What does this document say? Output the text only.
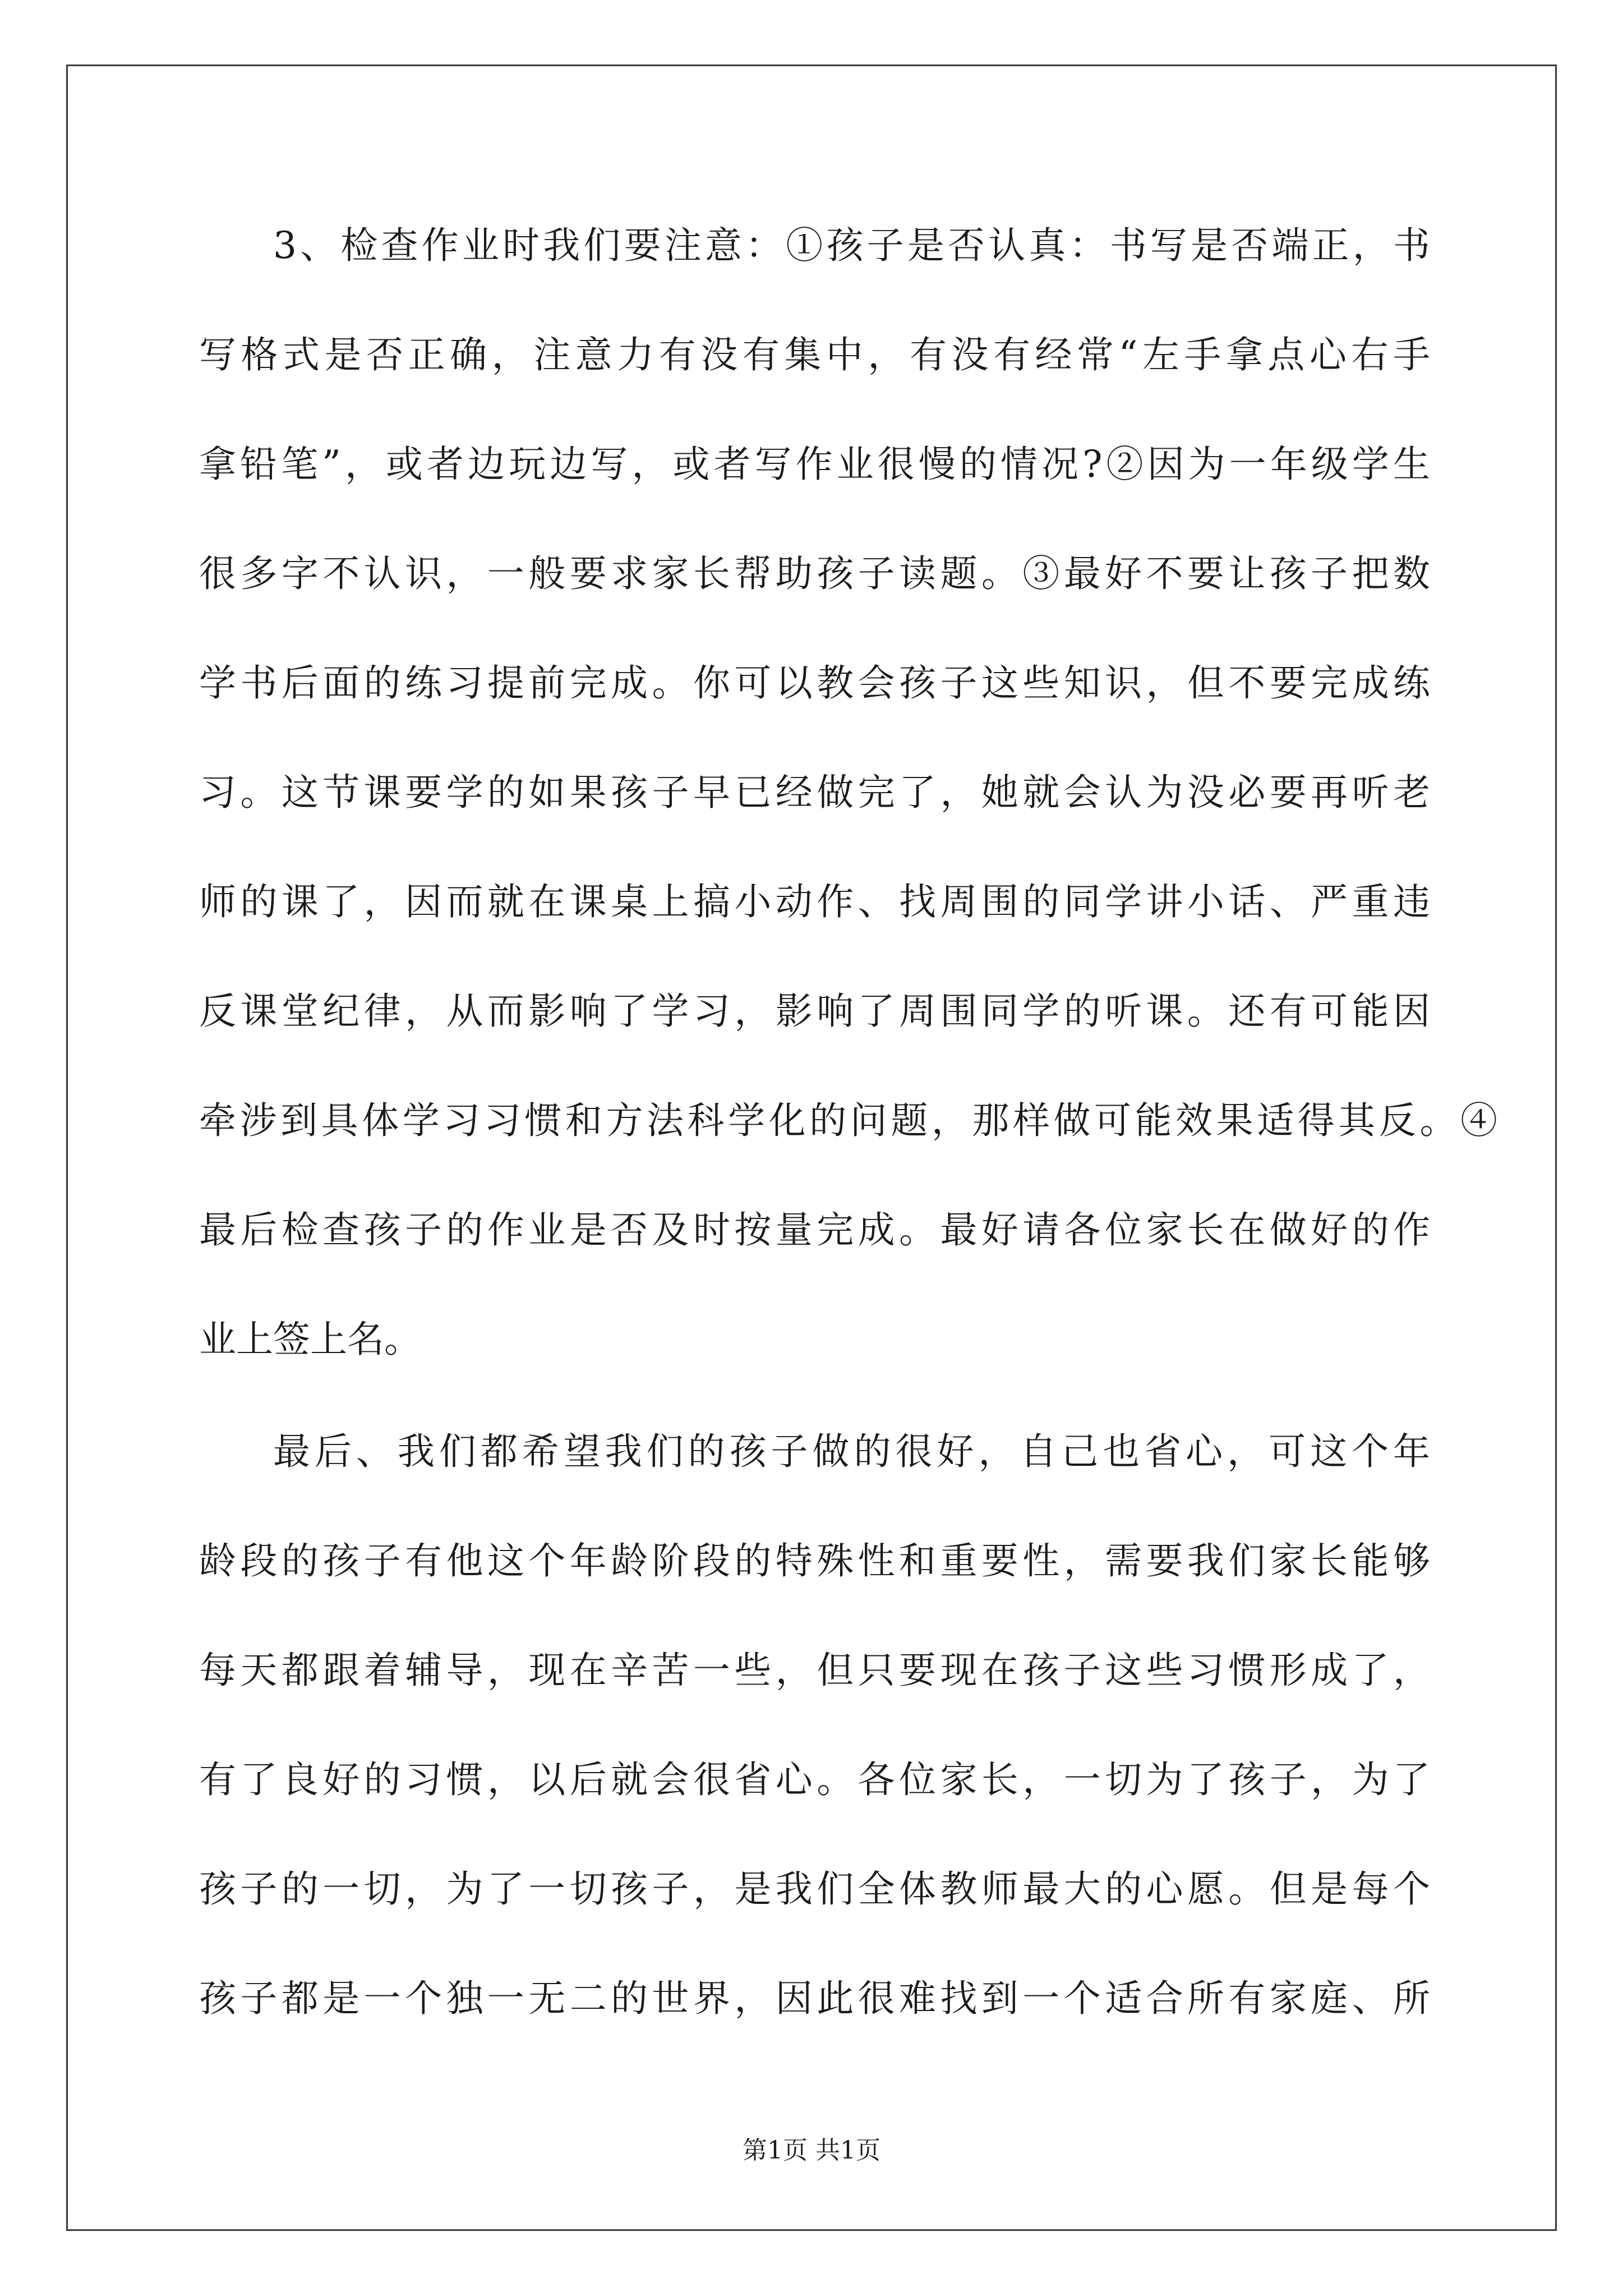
3、检查作业时我们要注意：①孩子是否认真：书写是否端正，书
写格式是否正确，注意力有没有集中，有没有经常“左手拿点心右手
拿铅笔”，或者边玩边写，或者写作业很慢的情况?②因为一年级学生
很多字不认识，一般要求家长帮助孩子读题。③最好不要让孩子把数
学书后面的练习提前完成。你可以教会孩子这些知识，但不要完成练
习。这节课要学的如果孩子早已经做完了，她就会认为没必要再听老
师的课了，因而就在课桌上搞小动作、找周围的同学讲小话、严重违
反课堂纪律，从而影响了学习，影响了周围同学的听课。还有可能因
牵涉到具体学习习惯和方法科学化的问题，那样做可能效果适得其反。④
最后检查孩子的作业是否及时按量完成。最好请各位家长在做好的作
业上签上名。
最后、我们都希望我们的孩子做的很好，自己也省心，可这个年
龄段的孩子有他这个年龄阶段的特殊性和重要性，需要我们家长能够
每天都跟着辅导，现在辛苦一些，但只要现在孩子这些习惯形成了，
有了良好的习惯，以后就会很省心。各位家长，一切为了孩子，为了
孩子的一切，为了一切孩子，是我们全体教师最大的心愿。但是每个
孩子都是一个独一无二的世界，因此很难找到一个适合所有家庭、所
第1页 共1页
